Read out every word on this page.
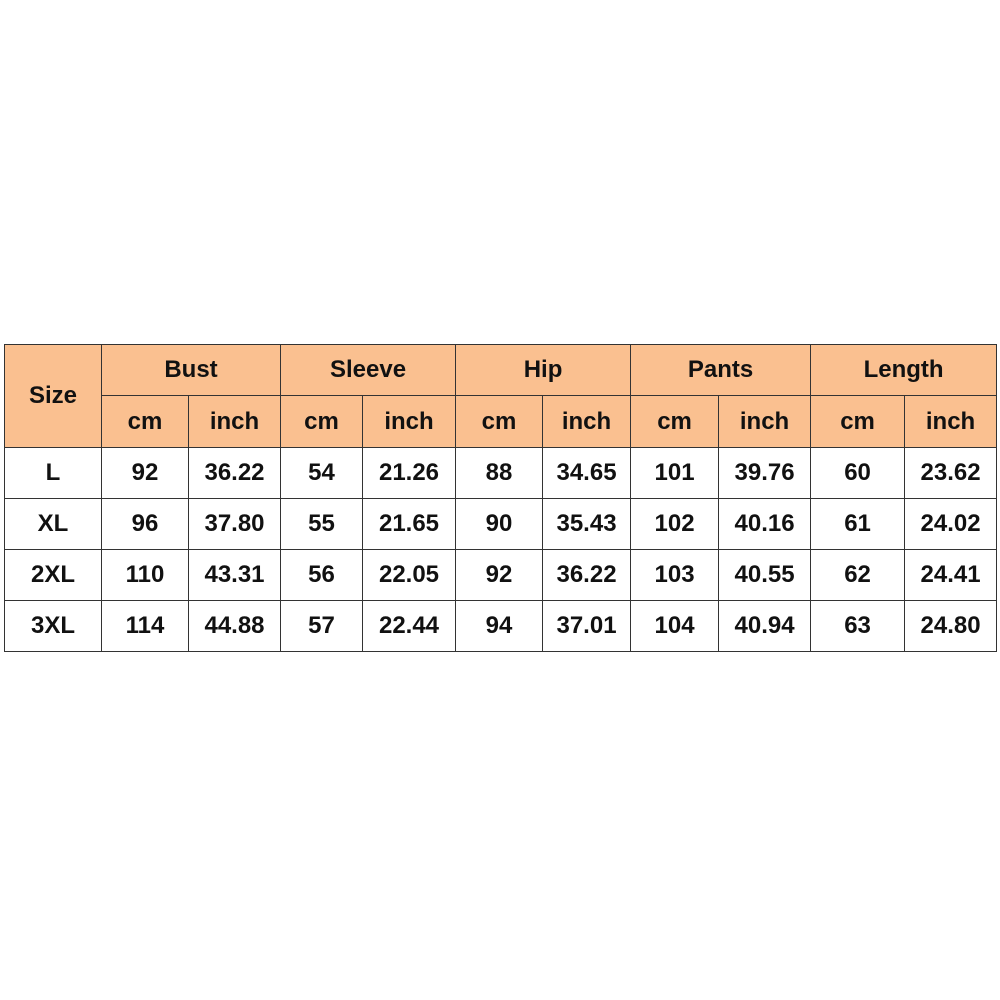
Size	Bust		Sleeve		Hip		Pants		Length	
	cm	inch	cm	inch	cm	inch	cm	inch	cm	inch
L	92	36.22	54	21.26	88	34.65	101	39.76	60	23.62
XL	96	37.80	55	21.65	90	35.43	102	40.16	61	24.02
2XL	110	43.31	56	22.05	92	36.22	103	40.55	62	24.41
3XL	114	44.88	57	22.44	94	37.01	104	40.94	63	24.80
